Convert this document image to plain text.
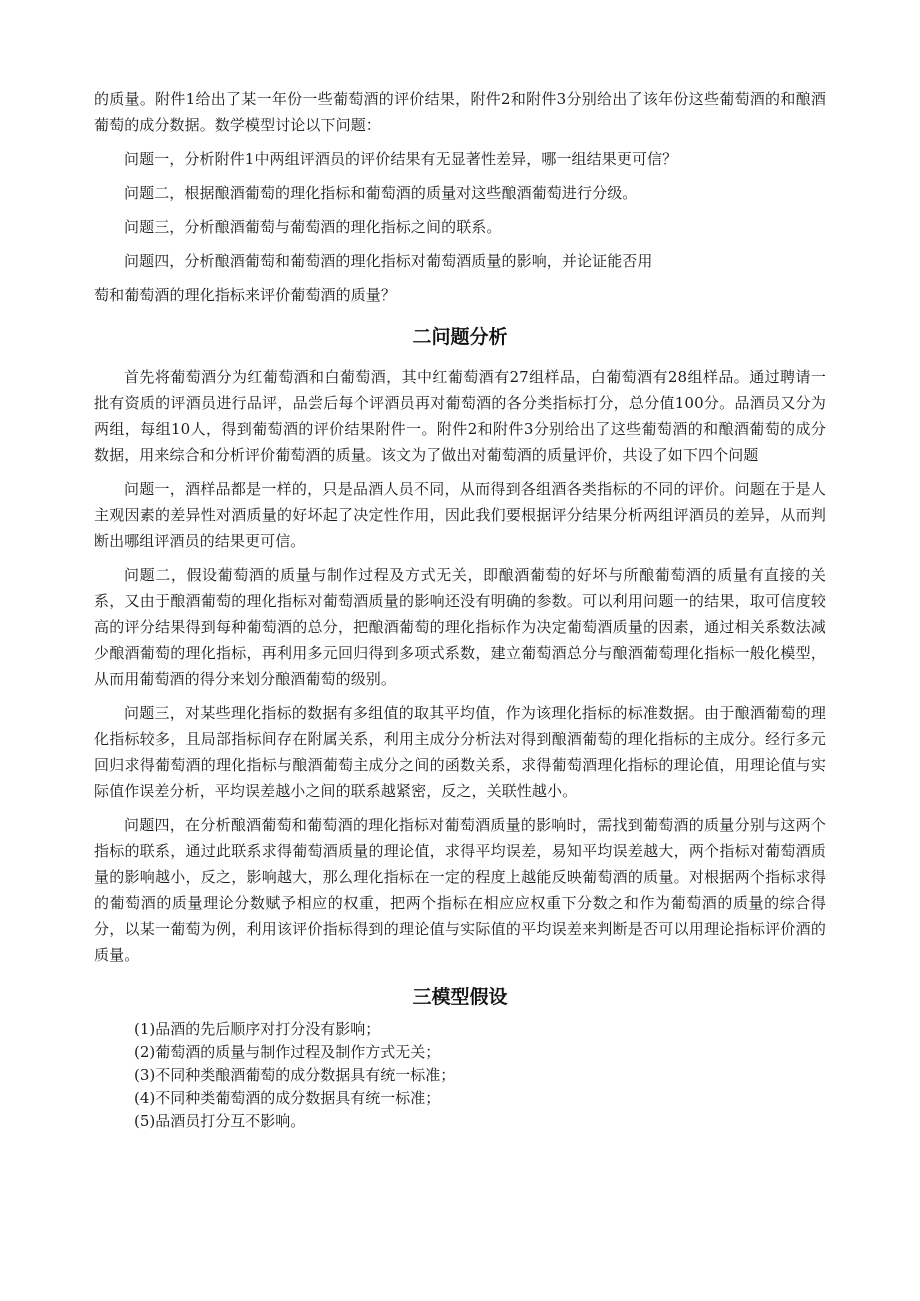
的质量。附件1给出了某一年份一些葡萄酒的评价结果，附件2和附件3分别给出了该年份这些葡萄酒的和酿酒葡萄的成分数据。数学模型讨论以下问题：

问题一，分析附件1中两组评酒员的评价结果有无显著性差异，哪一组结果更可信？

问题二，根据酿酒葡萄的理化指标和葡萄酒的质量对这些酿酒葡萄进行分级。

问题三，分析酿酒葡萄与葡萄酒的理化指标之间的联系。

问题四，分析酿酒葡萄和葡萄酒的理化指标对葡萄酒质量的影响，并论证能否用

萄和葡萄酒的理化指标来评价葡萄酒的质量？

二问题分析

首先将葡萄酒分为红葡萄酒和白葡萄酒，其中红葡萄酒有27组样品，白葡萄酒有28组样品。通过聘请一批有资质的评酒员进行品评，品尝后每个评酒员再对葡萄酒的各分类指标打分，总分值100分。品酒员又分为两组，每组10人，得到葡萄酒的评价结果附件一。附件2和附件3分别给出了这些葡萄酒的和酿酒葡萄的成分数据，用来综合和分析评价葡萄酒的质量。该文为了做出对葡萄酒的质量评价，共设了如下四个问题

问题一，酒样品都是一样的，只是品酒人员不同，从而得到各组酒各类指标的不同的评价。问题在于是人主观因素的差异性对酒质量的好坏起了决定性作用，因此我们要根据评分结果分析两组评酒员的差异，从而判断出哪组评酒员的结果更可信。

问题二，假设葡萄酒的质量与制作过程及方式无关，即酿酒葡萄的好坏与所酿葡萄酒的质量有直接的关系，又由于酿酒葡萄的理化指标对葡萄酒质量的影响还没有明确的参数。可以利用问题一的结果，取可信度较高的评分结果得到每种葡萄酒的总分，把酿酒葡萄的理化指标作为决定葡萄酒质量的因素，通过相关系数法减少酿酒葡萄的理化指标，再利用多元回归得到多项式系数，建立葡萄酒总分与酿酒葡萄理化指标一般化模型，从而用葡萄酒的得分来划分酿酒葡萄的级别。

问题三，对某些理化指标的数据有多组值的取其平均值，作为该理化指标的标准数据。由于酿酒葡萄的理化指标较多，且局部指标间存在附属关系，利用主成分分析法对得到酿酒葡萄的理化指标的主成分。经行多元回归求得葡萄酒的理化指标与酿酒葡萄主成分之间的函数关系，求得葡萄酒理化指标的理论值，用理论值与实际值作误差分析，平均误差越小之间的联系越紧密，反之，关联性越小。

问题四，在分析酿酒葡萄和葡萄酒的理化指标对葡萄酒质量的影响时，需找到葡萄酒的质量分别与这两个指标的联系，通过此联系求得葡萄酒质量的理论值，求得平均误差，易知平均误差越大，两个指标对葡萄酒质量的影响越小，反之，影响越大，那么理化指标在一定的程度上越能反映葡萄酒的质量。对根据两个指标求得的葡萄酒的质量理论分数赋予相应的权重，把两个指标在相应应权重下分数之和作为葡萄酒的质量的综合得分，以某一葡萄为例，利用该评价指标得到的理论值与实际值的平均误差来判断是否可以用理论指标评价酒的质量。

三模型假设
(1)品酒的先后顺序对打分没有影响；
(2)葡萄酒的质量与制作过程及制作方式无关；
(3)不同种类酿酒葡萄的成分数据具有统一标准；
(4)不同种类葡萄酒的成分数据具有统一标准；
(5)品酒员打分互不影响。
